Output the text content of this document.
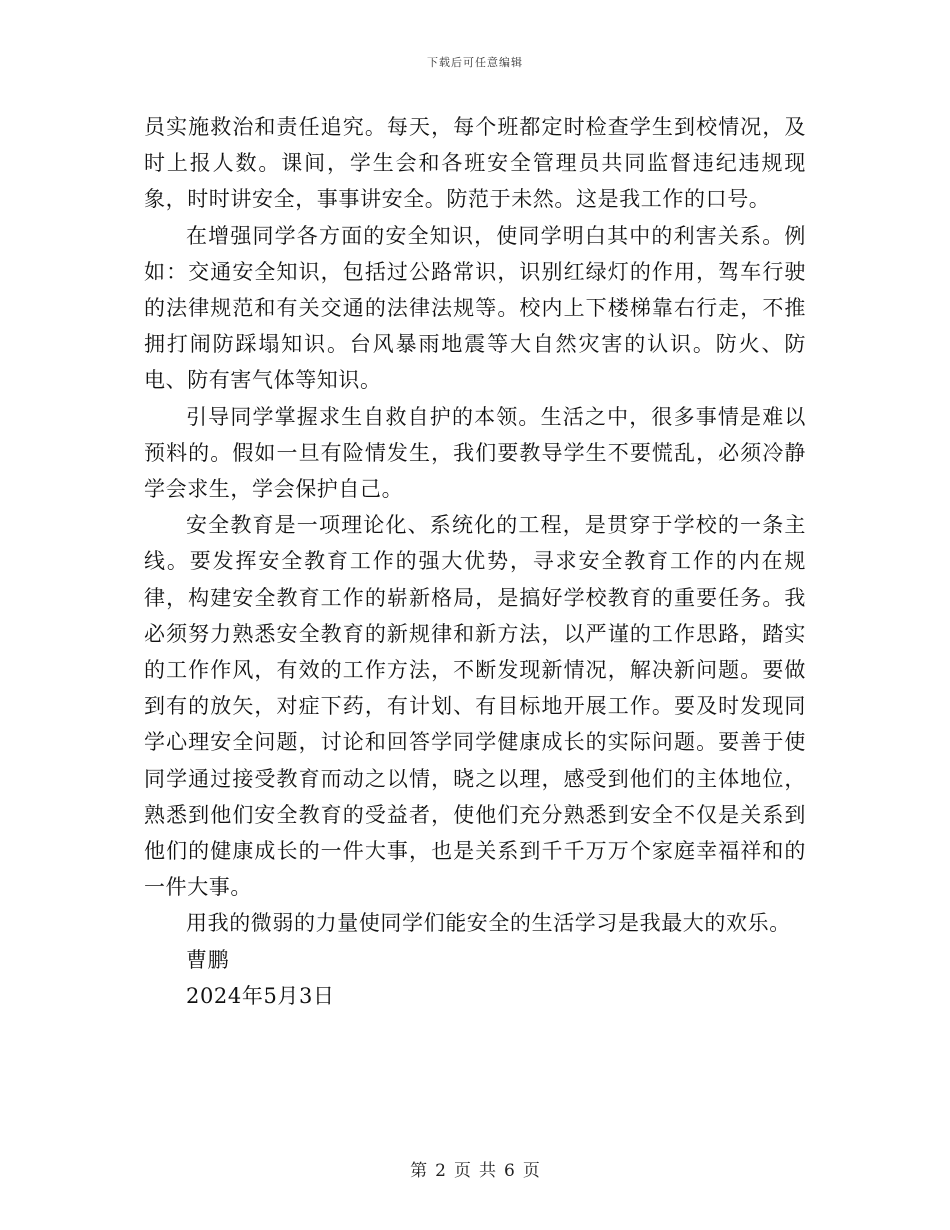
下载后可任意编辑

员实施救治和责任追究。每天，每个班都定时检查学生到校情况，及时上报人数。课间，学生会和各班安全管理员共同监督违纪违规现象，时时讲安全，事事讲安全。防范于未然。这是我工作的口号。

在增强同学各方面的安全知识，使同学明白其中的利害关系。例如：交通安全知识，包括过公路常识，识别红绿灯的作用，驾车行驶的法律规范和有关交通的法律法规等。校内上下楼梯靠右行走，不推拥打闹防踩塌知识。台风暴雨地震等大自然灾害的认识。防火、防电、防有害气体等知识。

引导同学掌握求生自救自护的本领。生活之中，很多事情是难以预料的。假如一旦有险情发生，我们要教导学生不要慌乱，必须冷静学会求生，学会保护自己。

安全教育是一项理论化、系统化的工程，是贯穿于学校的一条主线。要发挥安全教育工作的强大优势，寻求安全教育工作的内在规律，构建安全教育工作的崭新格局，是搞好学校教育的重要任务。我必须努力熟悉安全教育的新规律和新方法，以严谨的工作思路，踏实的工作作风，有效的工作方法，不断发现新情况，解决新问题。要做到有的放矢，对症下药，有计划、有目标地开展工作。要及时发现同学心理安全问题，讨论和回答学同学健康成长的实际问题。要善于使同学通过接受教育而动之以情，晓之以理，感受到他们的主体地位，熟悉到他们安全教育的受益者，使他们充分熟悉到安全不仅是关系到他们的健康成长的一件大事，也是关系到千千万万个家庭幸福祥和的一件大事。

用我的微弱的力量使同学们能安全的生活学习是我最大的欢乐。

曹鹏

2024年5月3日

第 2 页 共 6 页
